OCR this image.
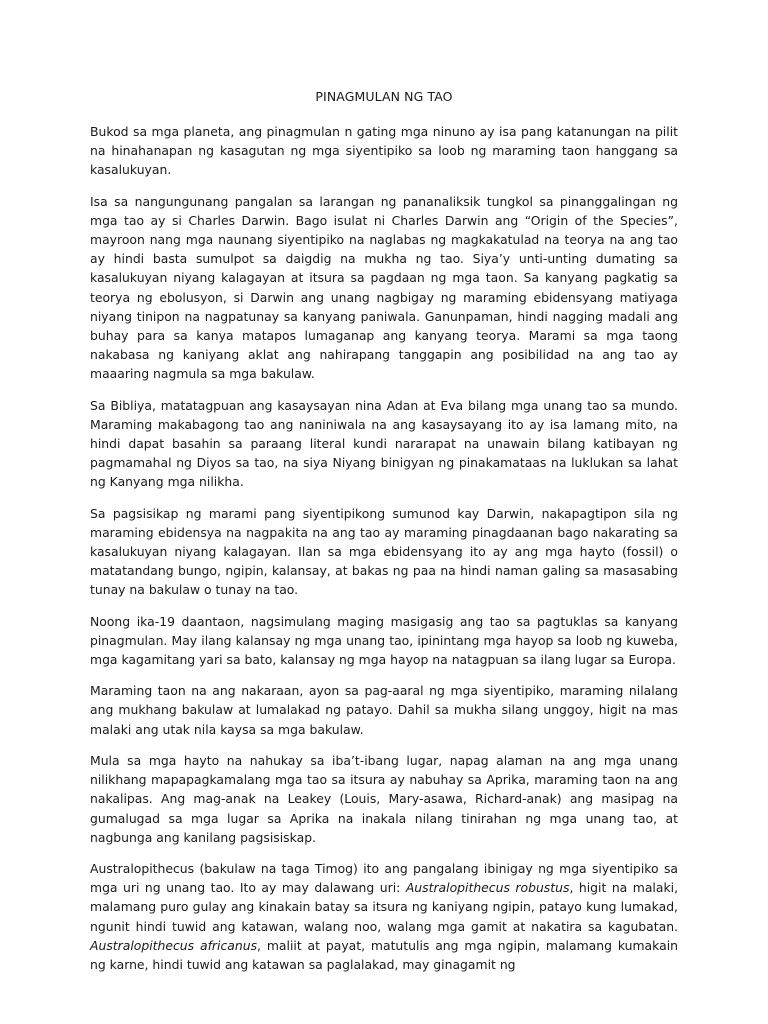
PINAGMULAN NG TAO

Bukod sa mga planeta, ang pinagmulan n gating mga ninuno ay isa pang katanungan na pilit na hinahanapan ng kasagutan ng mga siyentipiko sa loob ng maraming taon hanggang sa kasalukuyan.

Isa sa nangungunang pangalan sa larangan ng pananaliksik tungkol sa pinanggalingan ng mga tao ay si Charles Darwin. Bago isulat ni Charles Darwin ang “Origin of the Species”, mayroon nang mga naunang siyentipiko na naglabas ng magkakatulad na teorya na ang tao ay hindi basta sumulpot sa daigdig na mukha ng tao. Siya’y unti-unting dumating sa kasalukuyan niyang kalagayan at itsura sa pagdaan ng mga taon. Sa kanyang pagkatig sa teorya ng ebolusyon, si Darwin ang unang nagbigay ng maraming ebidensyang matiyaga niyang tinipon na nagpatunay sa kanyang paniwala. Ganunpaman, hindi nagging madali ang buhay para sa kanya matapos lumaganap ang kanyang teorya. Marami sa mga taong nakabasa ng kaniyang aklat ang nahirapang tanggapin ang posibilidad na ang tao ay maaaring nagmula sa mga bakulaw.

Sa Bibliya, matatagpuan ang kasaysayan nina Adan at Eva bilang mga unang tao sa mundo. Maraming makabagong tao ang naniniwala na ang kasaysayang ito ay isa lamang mito, na hindi dapat basahin sa paraang literal kundi nararapat na unawain bilang katibayan ng pagmamahal ng Diyos sa tao, na siya Niyang binigyan ng pinakamataas na luklukan sa lahat ng Kanyang mga nilikha.

Sa pagsisikap ng marami pang siyentipikong sumunod kay Darwin, nakapagtipon sila ng maraming ebidensya na nagpakita na ang tao ay maraming pinagdaanan bago nakarating sa kasalukuyan niyang kalagayan. Ilan sa mga ebidensyang ito ay ang mga hayto (fossil) o matatandang bungo, ngipin, kalansay, at bakas ng paa na hindi naman galing sa masasabing tunay na bakulaw o tunay na tao.

Noong ika-19 daantaon, nagsimulang maging masigasig ang tao sa pagtuklas sa kanyang pinagmulan. May ilang kalansay ng mga unang tao, ipinintang mga hayop sa loob ng kuweba, mga kagamitang yari sa bato, kalansay ng mga hayop na natagpuan sa ilang lugar sa Europa.

Maraming taon na ang nakaraan, ayon sa pag-aaral ng mga siyentipiko, maraming nilalang ang mukhang bakulaw at lumalakad ng patayo. Dahil sa mukha silang unggoy, higit na mas malaki ang utak nila kaysa sa mga bakulaw.

Mula sa mga hayto na nahukay sa iba’t-ibang lugar, napag alaman na ang mga unang nilikhang mapapagkamalang mga tao sa itsura ay nabuhay sa Aprika, maraming taon na ang nakalipas. Ang mag-anak na Leakey (Louis, Mary-asawa, Richard-anak) ang masipag na gumalugad sa mga lugar sa Aprika na inakala nilang tinirahan ng mga unang tao, at nagbunga ang kanilang pagsisiskap.

Australopithecus (bakulaw na taga Timog) ito ang pangalang ibinigay ng mga siyentipiko sa mga uri ng unang tao. Ito ay may dalawang uri: Australopithecus robustus, higit na malaki, malamang puro gulay ang kinakain batay sa itsura ng kaniyang ngipin, patayo kung lumakad, ngunit hindi tuwid ang katawan, walang noo, walang mga gamit at nakatira sa kagubatan. Australopithecus africanus, maliit at payat, matutulis ang mga ngipin, malamang kumakain ng karne, hindi tuwid ang katawan sa paglalakad, may ginagamit ng
